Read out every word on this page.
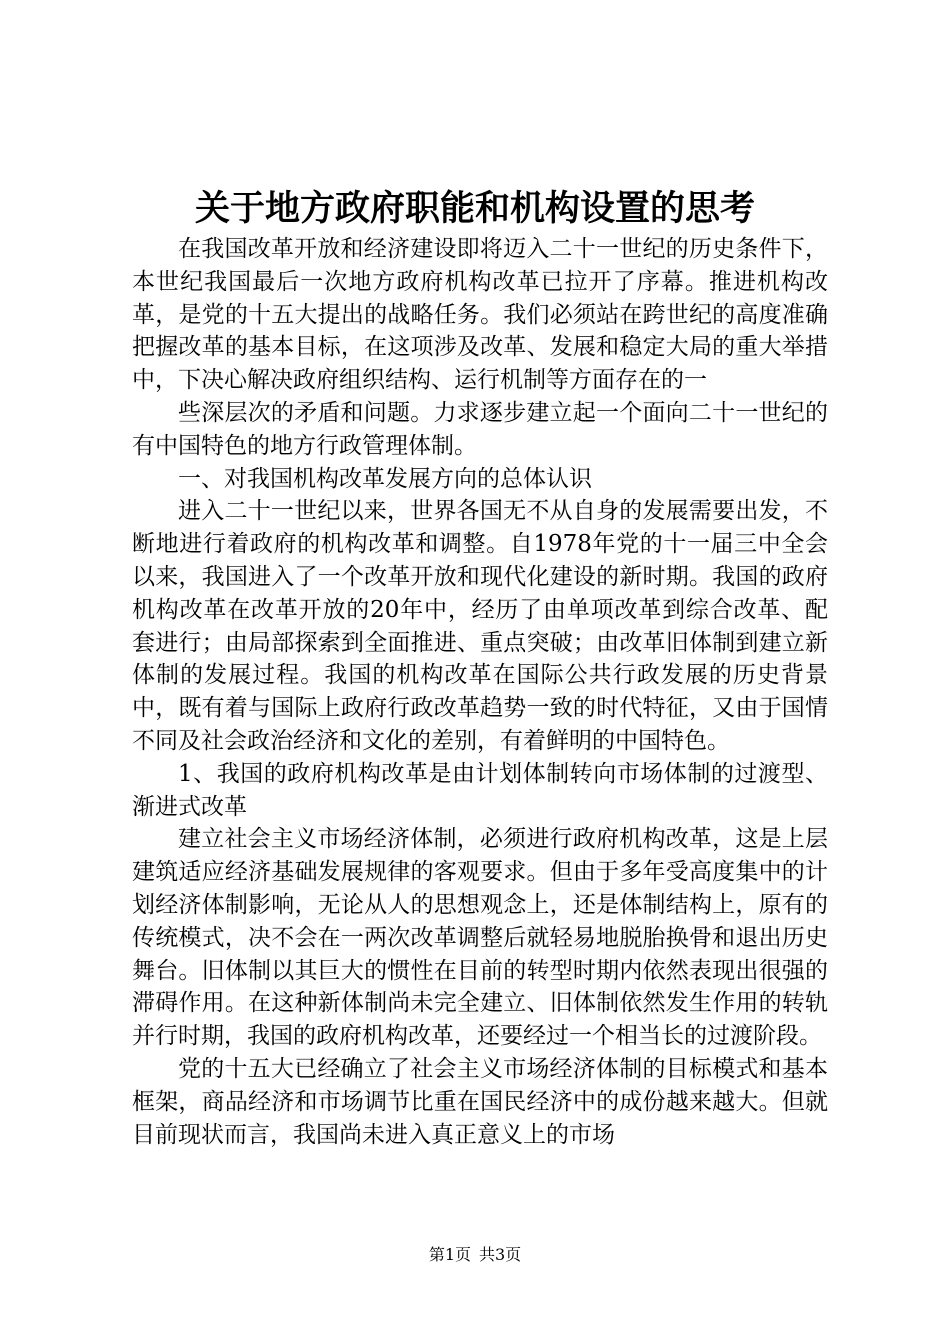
关于地方政府职能和机构设置的思考

在我国改革开放和经济建设即将迈入二十一世纪的历史条件下，本世纪我国最后一次地方政府机构改革已拉开了序幕。推进机构改革，是党的十五大提出的战略任务。我们必须站在跨世纪的高度准确把握改革的基本目标，在这项涉及改革、发展和稳定大局的重大举措中，下决心解决政府组织结构、运行机制等方面存在的一

些深层次的矛盾和问题。力求逐步建立起一个面向二十一世纪的有中国特色的地方行政管理体制。

一、对我国机构改革发展方向的总体认识

进入二十一世纪以来，世界各国无不从自身的发展需要出发，不断地进行着政府的机构改革和调整。自1978年党的十一届三中全会以来，我国进入了一个改革开放和现代化建设的新时期。我国的政府机构改革在改革开放的20年中，经历了由单项改革到综合改革、配套进行；由局部探索到全面推进、重点突破；由改革旧体制到建立新体制的发展过程。我国的机构改革在国际公共行政发展的历史背景中，既有着与国际上政府行政改革趋势一致的时代特征，又由于国情不同及社会政治经济和文化的差别，有着鲜明的中国特色。

1、我国的政府机构改革是由计划体制转向市场体制的过渡型、渐进式改革

建立社会主义市场经济体制，必须进行政府机构改革，这是上层建筑适应经济基础发展规律的客观要求。但由于多年受高度集中的计划经济体制影响，无论从人的思想观念上，还是体制结构上，原有的传统模式，决不会在一两次改革调整后就轻易地脱胎换骨和退出历史舞台。旧体制以其巨大的惯性在目前的转型时期内依然表现出很强的滞碍作用。在这种新体制尚未完全建立、旧体制依然发生作用的转轨并行时期，我国的政府机构改革，还要经过一个相当长的过渡阶段。

党的十五大已经确立了社会主义市场经济体制的目标模式和基本框架，商品经济和市场调节比重在国民经济中的成份越来越大。但就目前现状而言，我国尚未进入真正意义上的市场

第1页 共3页
